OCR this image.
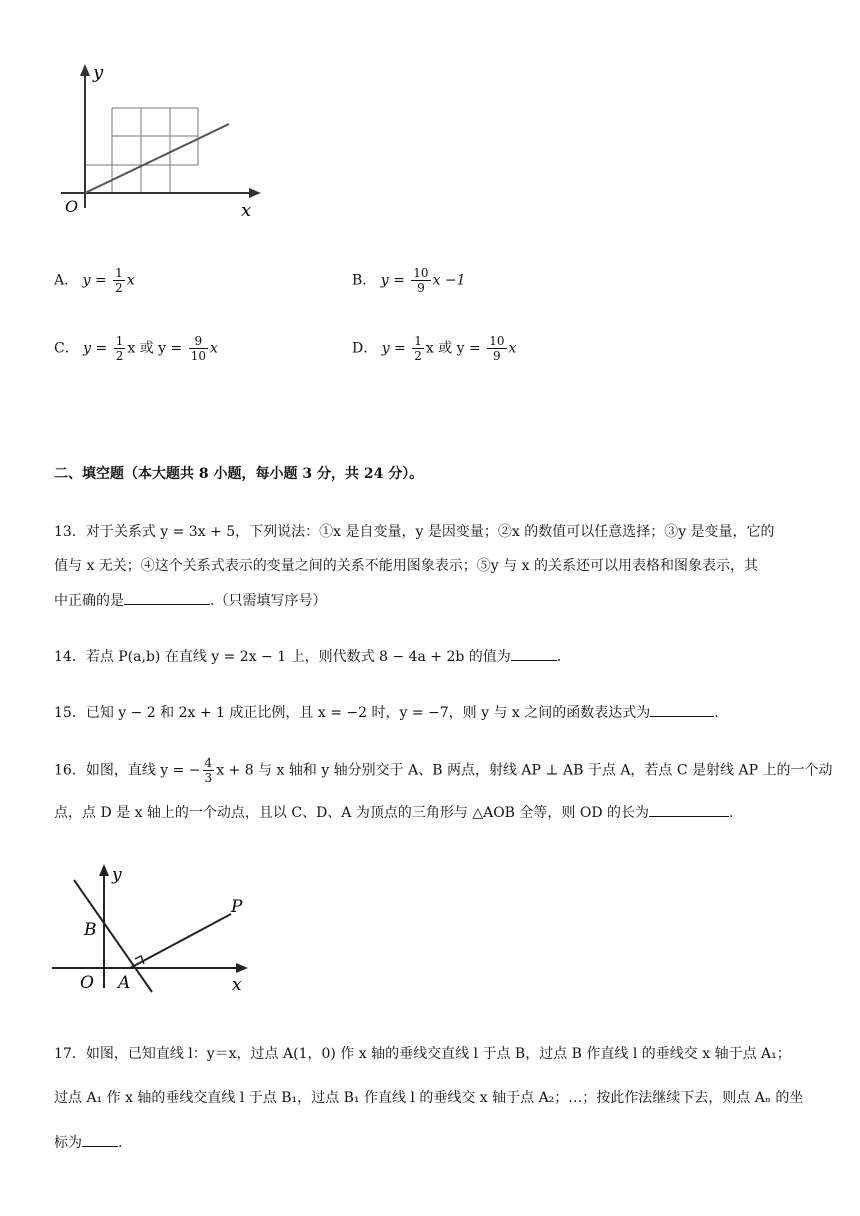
y
x
O
A． $y = \frac{1}{2}$ x	B． $y = \frac{10}{9}$ x −1
C． $y = \frac{1}{2}$ x 或 $y = \frac{9}{10}$ x	D． $y = \frac{1}{2}$ x 或 $y = \frac{10}{9}$ x
二、填空题（本大题共 8 小题，每小题 3 分，共 24 分）。
13．对于关系式 y = 3x + 5，下列说法：①x 是自变量，y 是因变量；②x 的数值可以任意选择；③y 是变量，它的
值与 x 无关；④这个关系式表示的变量之间的关系不能用图象表示；⑤y 与 x 的关系还可以用表格和图象表示，其
中正确的是	.（只需填写序号）
14．若点 P(a,b) 在直线 y = 2x − 1 上，则代数式 8 − 4a + 2b 的值为	.
15．已知 y − 2 和 2x + 1 成正比例，且 x = −2 时，y = −7，则 y 与 x 之间的函数表达式为	.
16．如图，直线 y = − $\frac{4}{3}$ x + 8 与 x 轴和 y 轴分别交于 A、B 两点，射线 AP ⊥ AB 于点 A，若点 C 是射线 AP 上的一个动
点，点 D 是 x 轴上的一个动点，且以 C、D、A 为顶点的三角形与 △AOB 全等，则 OD 的长为	.
y
x
O
B
A
P
17．如图，已知直线 l：y＝x，过点 A(1，0) 作 x 轴的垂线交直线 l 于点 B，过点 B 作直线 l 的垂线交 x 轴于点 A₁；
过点 A₁ 作 x 轴的垂线交直线 l 于点 B₁，过点 B₁ 作直线 l 的垂线交 x 轴于点 A₂；…；按此作法继续下去，则点 Aₙ 的坐
标为	.
